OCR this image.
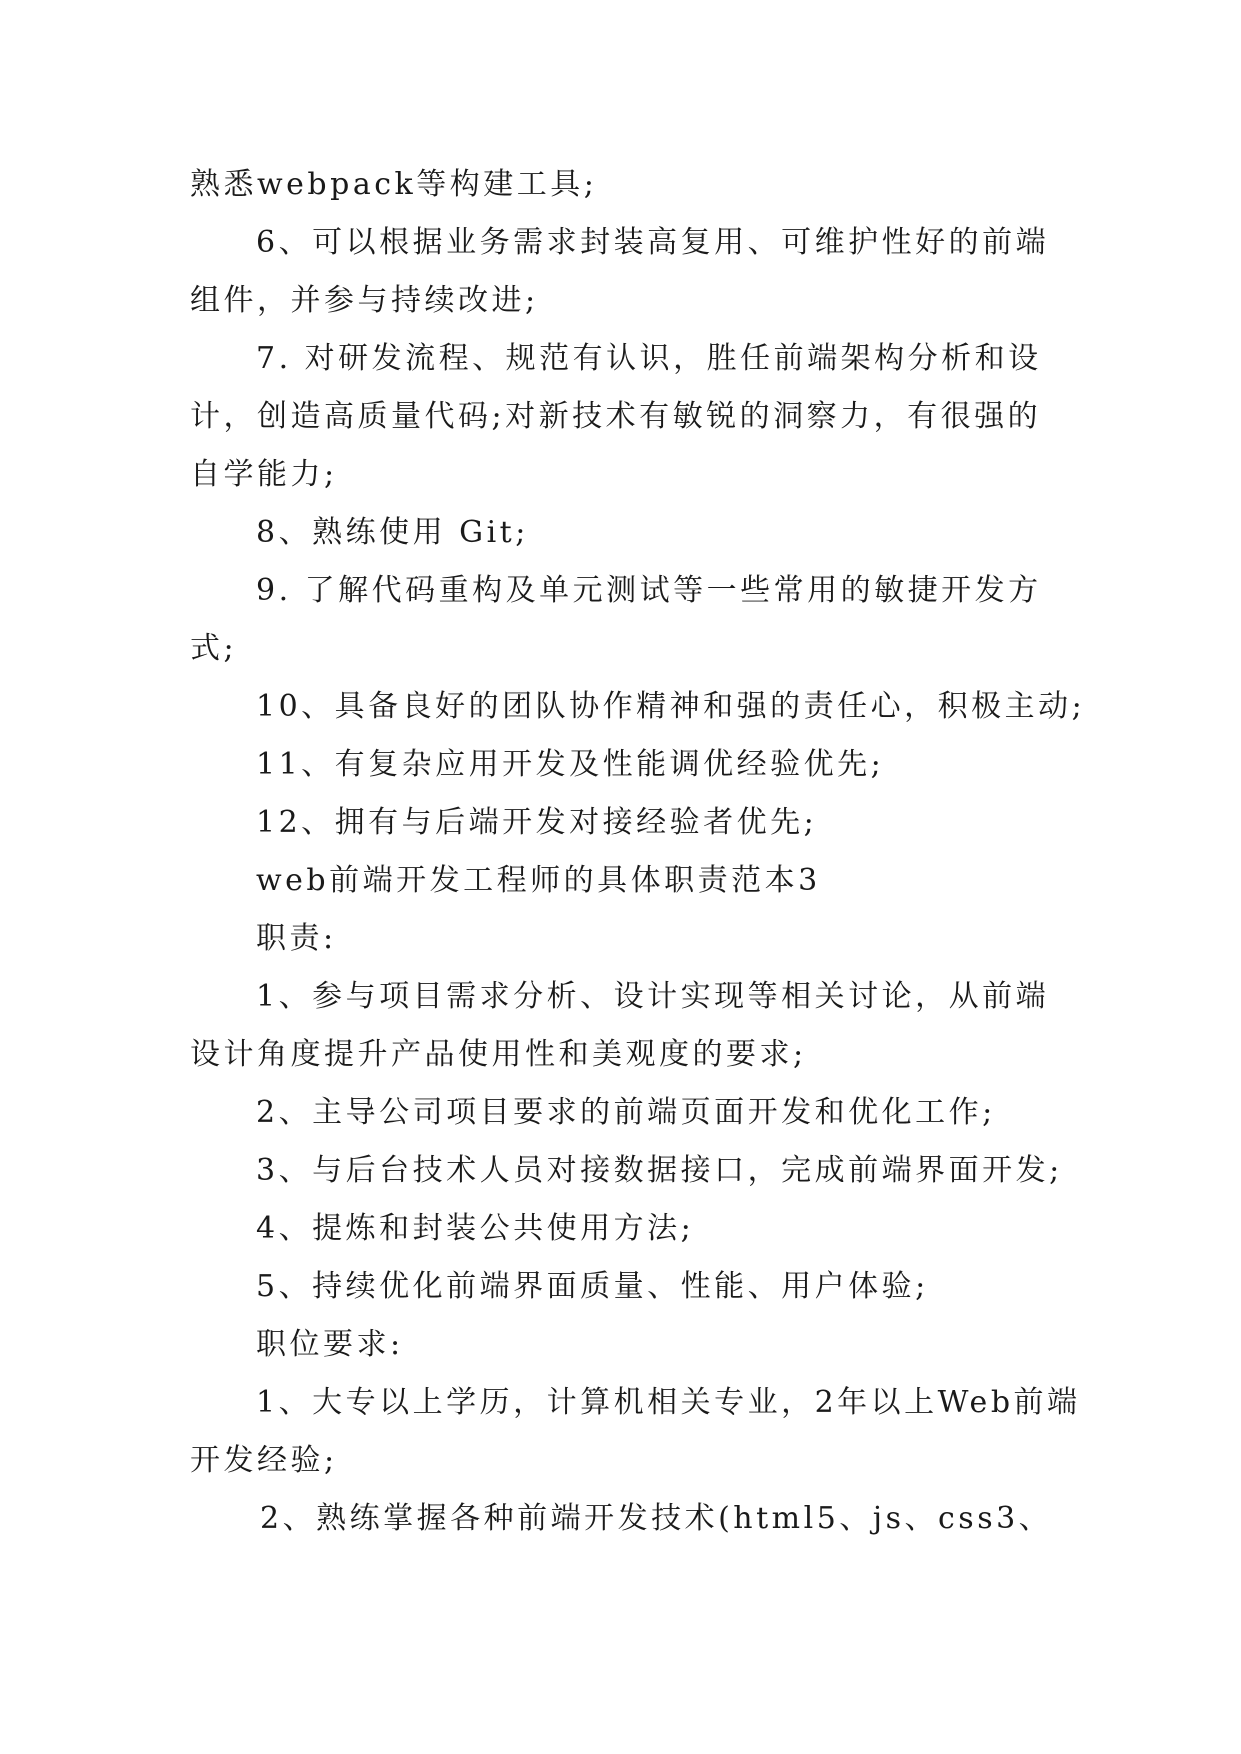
熟悉webpack等构建工具;
6、可以根据业务需求封装高复用、可维护性好的前端
组件，并参与持续改进;
7. 对研发流程、规范有认识，胜任前端架构分析和设
计，创造高质量代码;对新技术有敏锐的洞察力，有很强的
自学能力;
8、熟练使用 Git;
9. 了解代码重构及单元测试等一些常用的敏捷开发方
式;
10、具备良好的团队协作精神和强的责任心，积极主动;
11、有复杂应用开发及性能调优经验优先;
12、拥有与后端开发对接经验者优先;
web前端开发工程师的具体职责范本3
职责:
1、参与项目需求分析、设计实现等相关讨论，从前端
设计角度提升产品使用性和美观度的要求;
2、主导公司项目要求的前端页面开发和优化工作;
3、与后台技术人员对接数据接口，完成前端界面开发;
4、提炼和封装公共使用方法;
5、持续优化前端界面质量、性能、用户体验;
职位要求:
1、大专以上学历，计算机相关专业，2年以上Web前端
开发经验;
2、熟练掌握各种前端开发技术(html5、js、css3、
